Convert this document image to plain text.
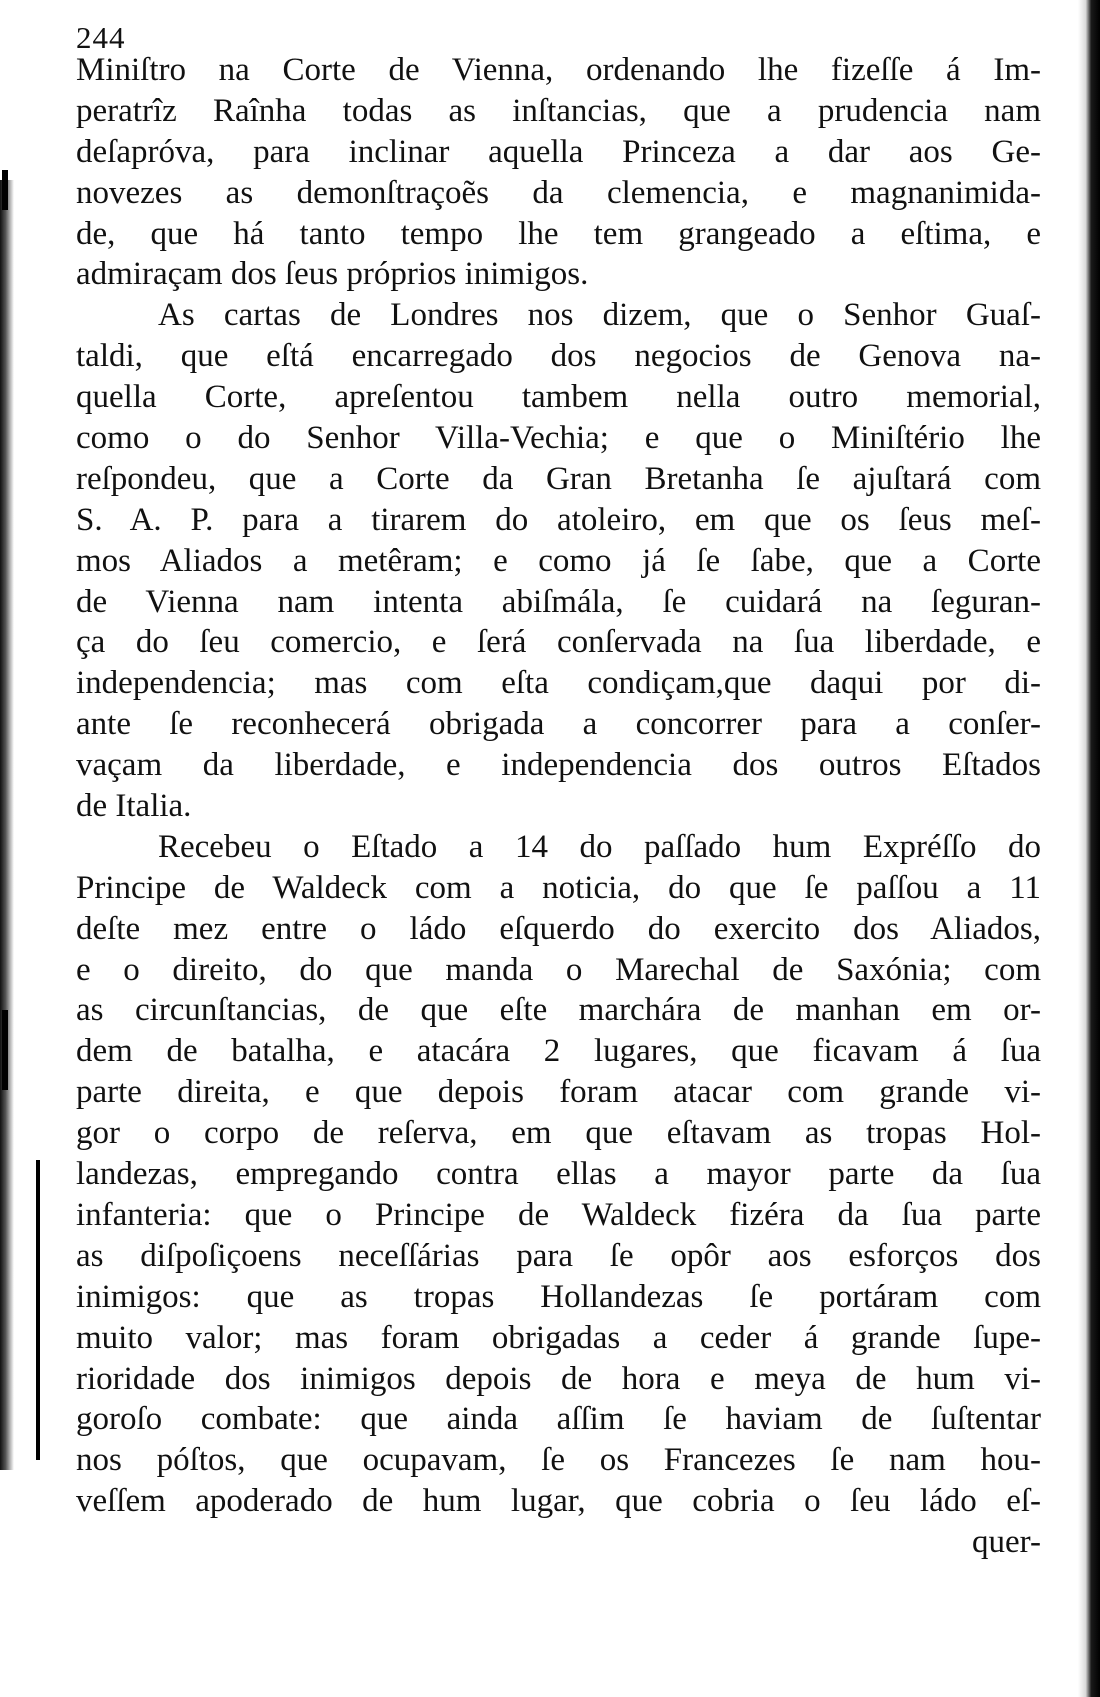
244
Miniſtro na Corte de Vienna, ordenando lhe fizeſſe á Im-
peratrîz Raînha todas as inſtancias, que a prudencia nam
deſapróva, para inclinar aquella Princeza a dar aos Ge-
novezes as demonſtraçoẽs da clemencia, e magnanimida-
de, que há tanto tempo lhe tem grangeado a eſtima, e
admiraçam dos ſeus próprios inimigos.
As cartas de Londres nos dizem, que o Senhor Guaſ-
taldi, que eſtá encarregado dos negocios de Genova na-
quella Corte, apreſentou tambem nella outro memorial,
como o do Senhor Villa-Vechia; e que o Miniſtério lhe
reſpondeu, que a Corte da Gran Bretanha ſe ajuſtará com
S. A. P. para a tirarem do atoleiro, em que os ſeus meſ-
mos Aliados a metêram; e como já ſe ſabe, que a Corte
de Vienna nam intenta abiſmála, ſe cuidará na ſeguran-
ça do ſeu comercio, e ſerá conſervada na ſua liberdade, e
independencia; mas com eſta condiçam,que daqui por di-
ante ſe reconhecerá obrigada a concorrer para a conſer-
vaçam da liberdade, e independencia dos outros Eſtados
de Italia.
Recebeu o Eſtado a 14 do paſſado hum Expréſſo do
Principe de Waldeck com a noticia, do que ſe paſſou a 11
deſte mez entre o ládo eſquerdo do exercito dos Aliados,
e o direito, do que manda o Marechal de Saxónia; com
as circunſtancias, de que eſte marchára de manhan em or-
dem de batalha, e atacára 2 lugares, que ficavam á ſua
parte direita, e que depois foram atacar com grande vi-
gor o corpo de reſerva, em que eſtavam as tropas Hol-
landezas, empregando contra ellas a mayor parte da ſua
infanteria: que o Principe de Waldeck fizéra da ſua parte
as diſpoſiçoens neceſſárias para ſe opôr aos esforços dos
inimigos: que as tropas Hollandezas ſe portáram com
muito valor; mas foram obrigadas a ceder á grande ſupe-
rioridade dos inimigos depois de hora e meya de hum vi-
goroſo combate: que ainda aſſim ſe haviam de ſuſtentar
nos póſtos, que ocupavam, ſe os Francezes ſe nam hou-
veſſem apoderado de hum lugar, que cobria o ſeu ládo eſ-
quer-
